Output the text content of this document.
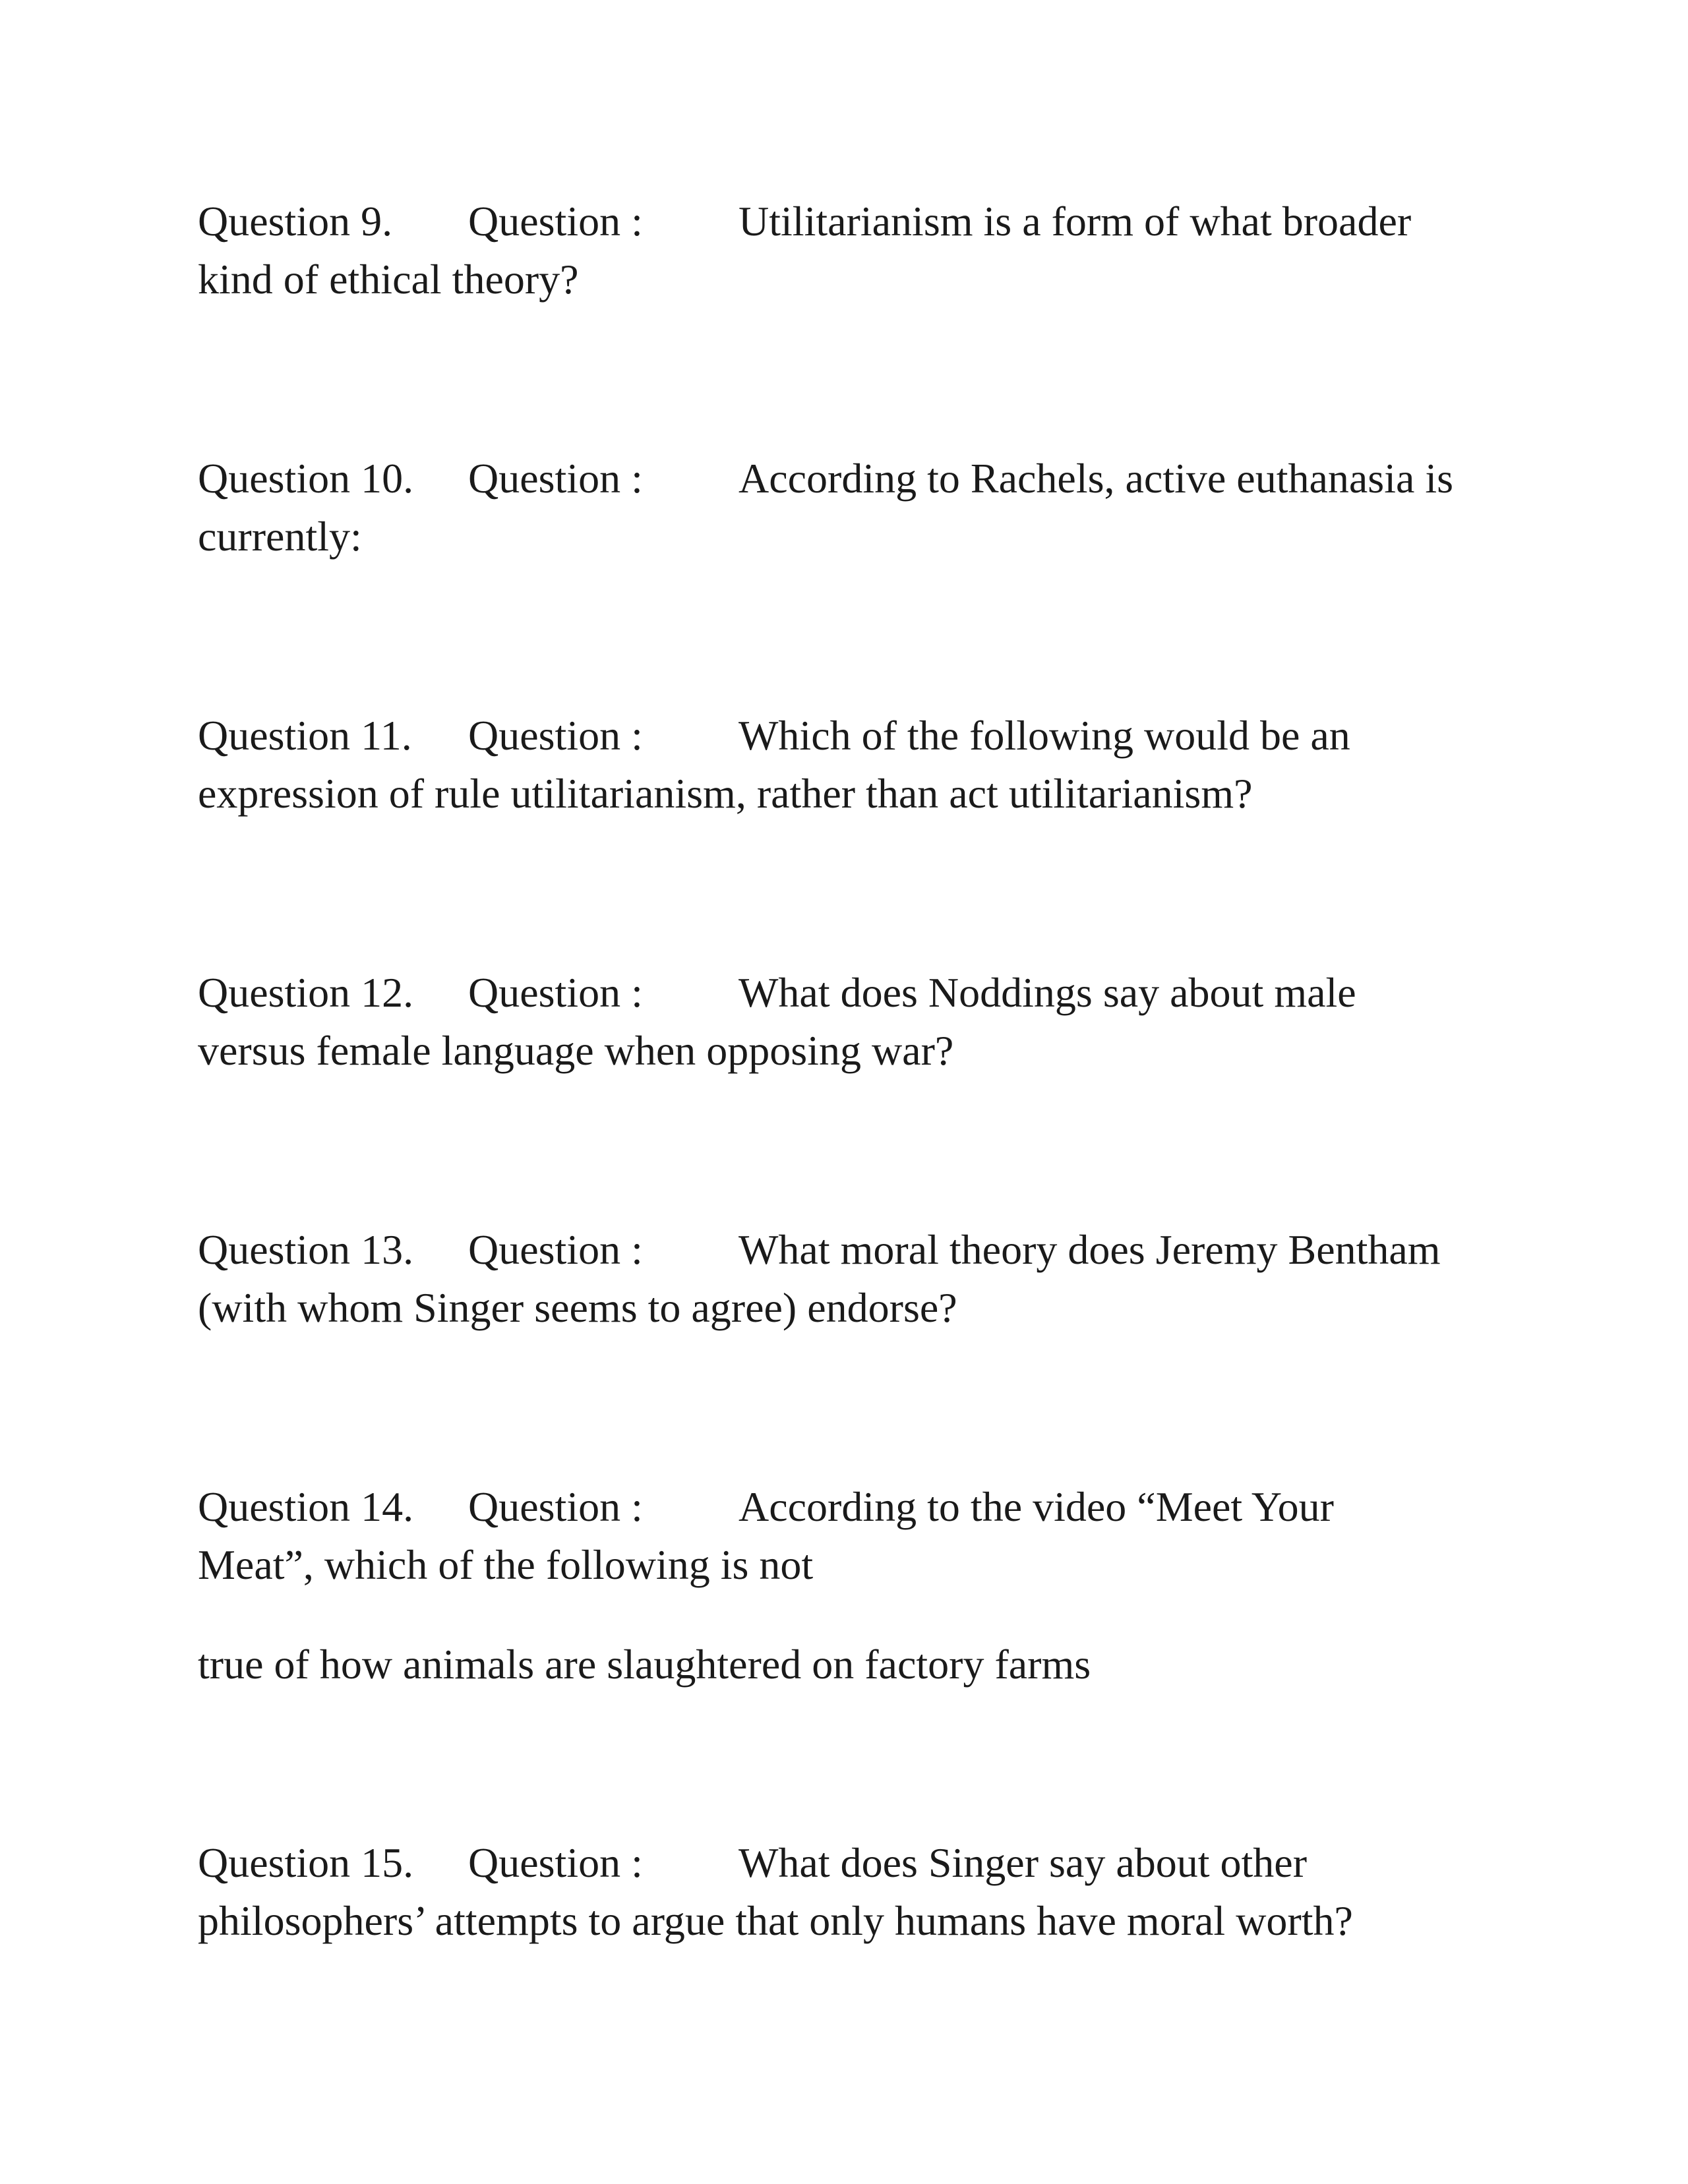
Question 9. Question : Utilitarianism is a form of what broader
kind of ethical theory?
Question 10. Question : According to Rachels, active euthanasia is
currently:
Question 11. Question : Which of the following would be an
expression of rule utilitarianism, rather than act utilitarianism?
Question 12. Question : What does Noddings say about male
versus female language when opposing war?
Question 13. Question : What moral theory does Jeremy Bentham
(with whom Singer seems to agree) endorse?
Question 14. Question : According to the video “Meet Your
Meat”, which of the following is not
true of how animals are slaughtered on factory farms
Question 15. Question : What does Singer say about other
philosophers’ attempts to argue that only humans have moral worth?
